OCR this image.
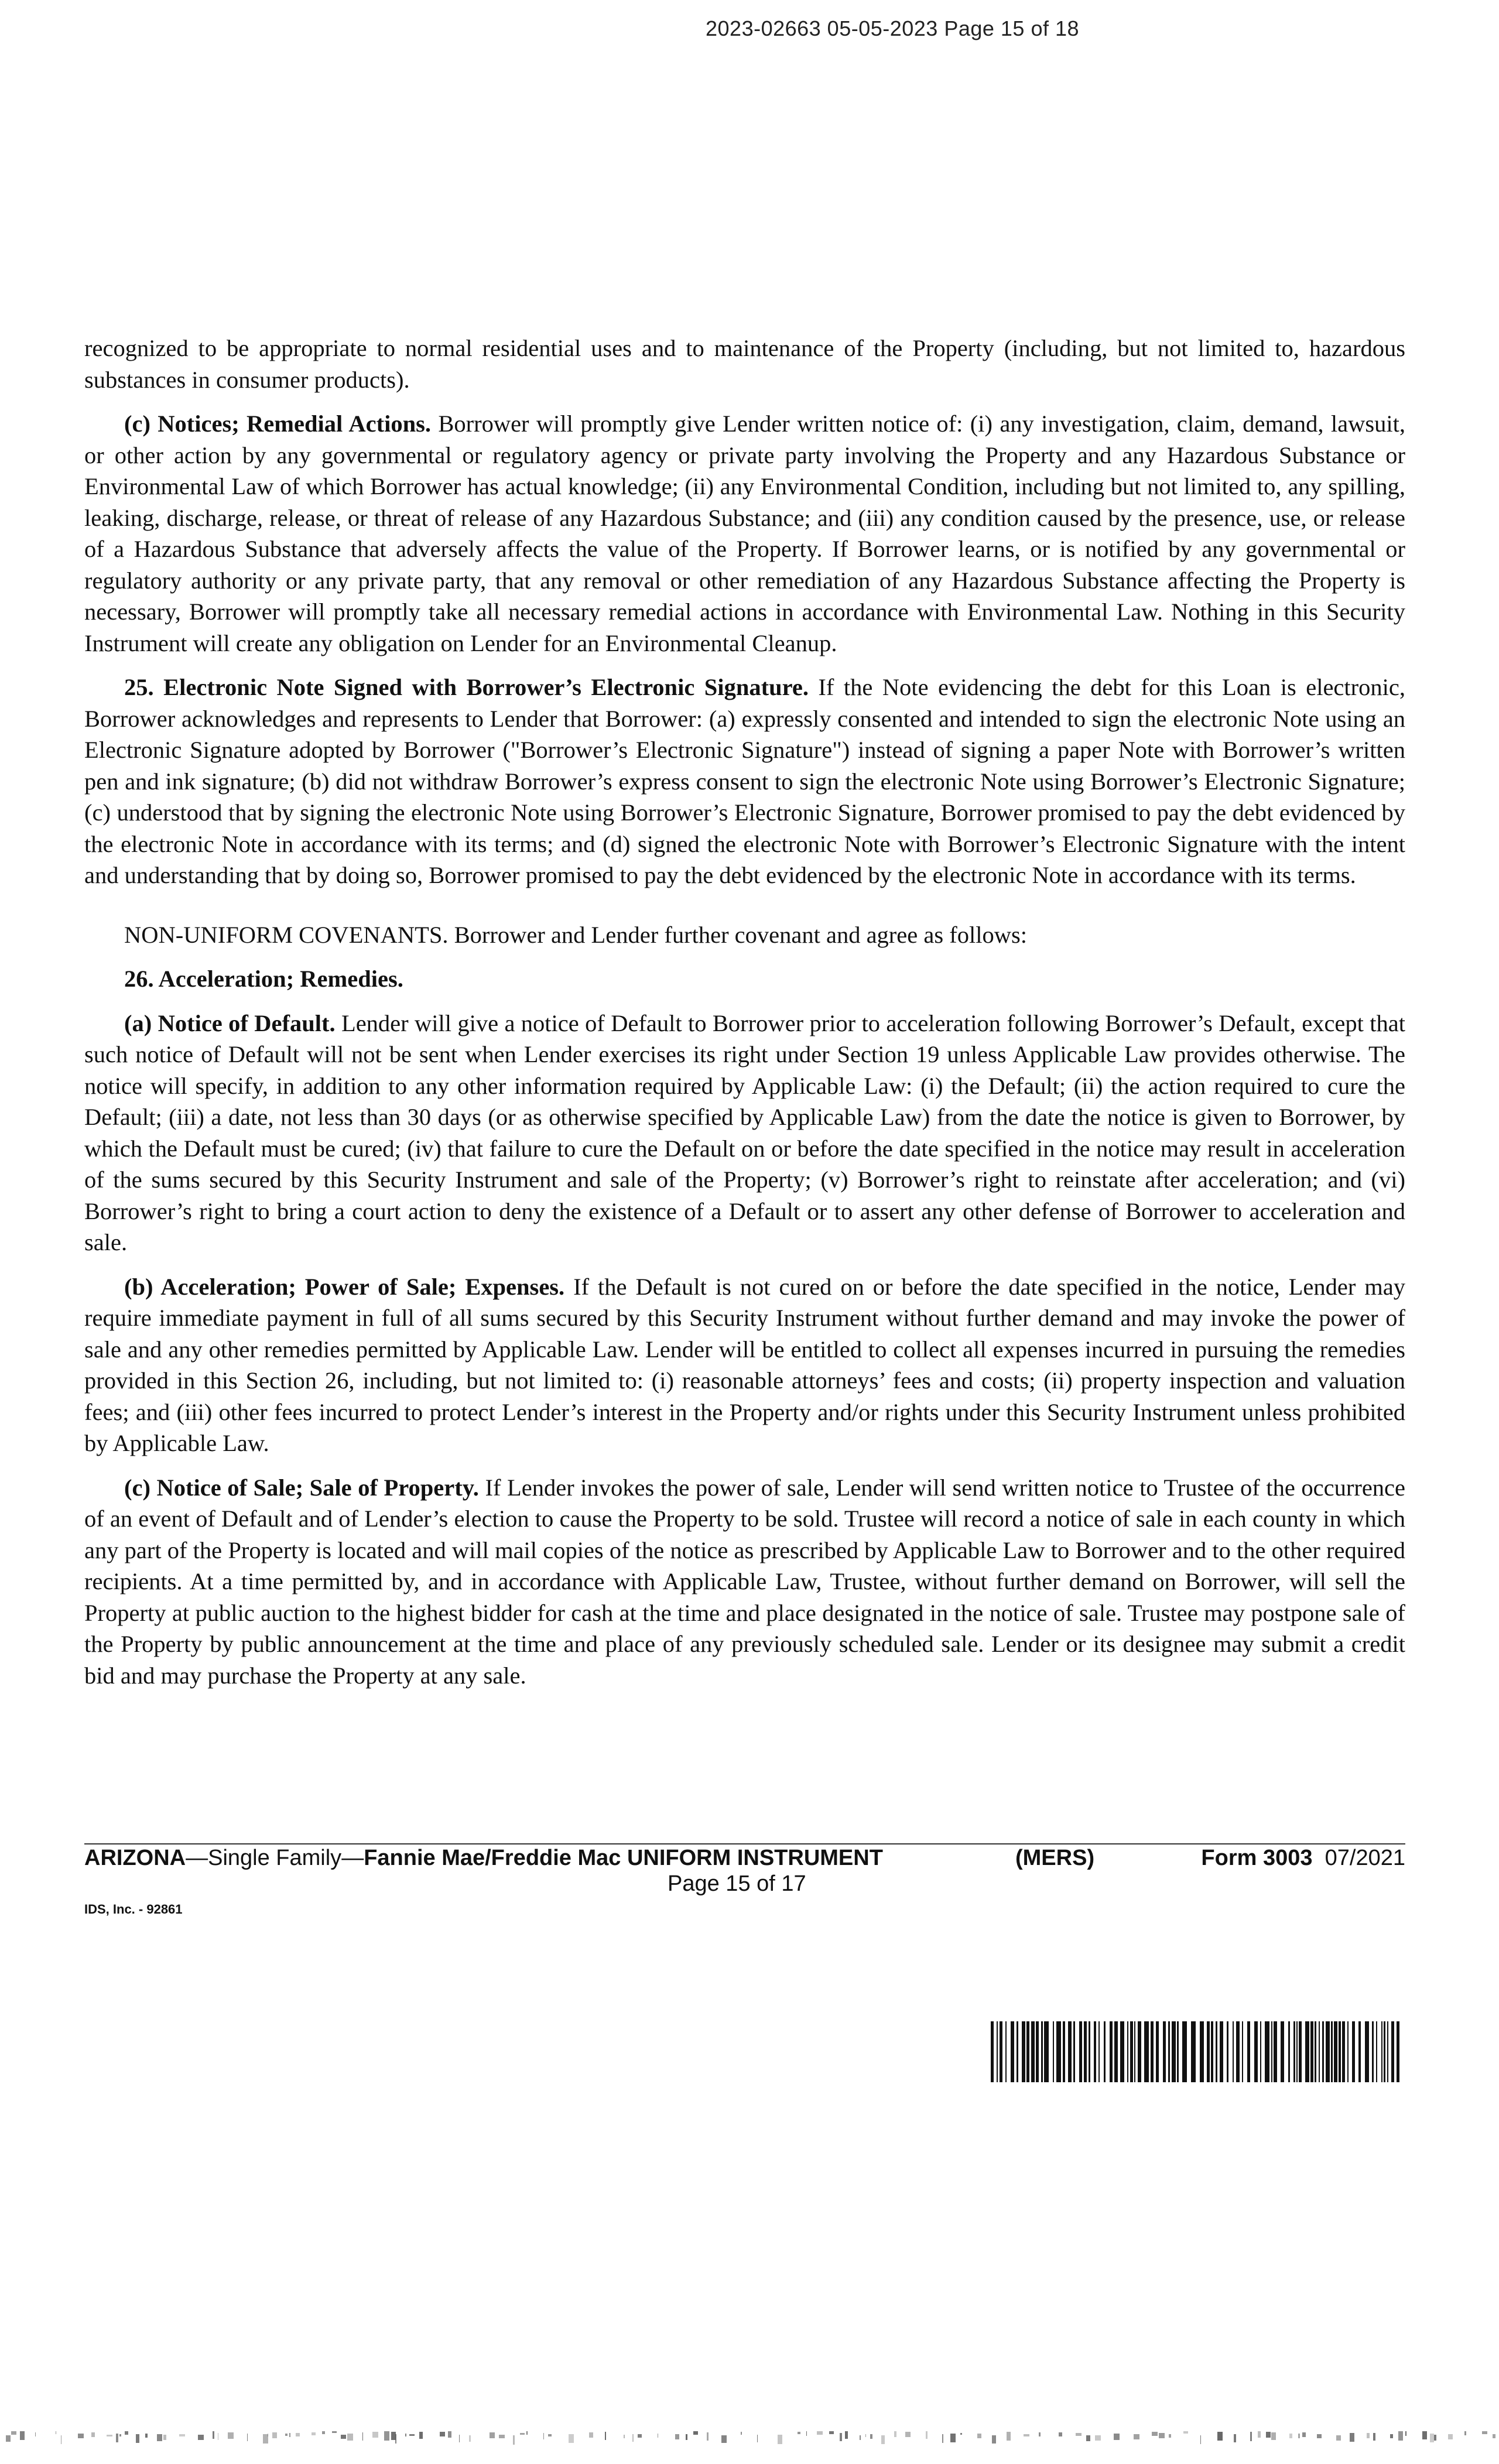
2023-02663 05-05-2023 Page 15 of 18

recognized to be appropriate to normal residential uses and to maintenance of the Property (including, but not limited to, hazardous substances in consumer products).

(c) Notices; Remedial Actions. Borrower will promptly give Lender written notice of: (i) any investigation, claim, demand, lawsuit, or other action by any governmental or regulatory agency or private party involving the Property and any Hazardous Substance or Environmental Law of which Borrower has actual knowledge; (ii) any Environmental Condition, including but not limited to, any spilling, leaking, discharge, release, or threat of release of any Hazardous Substance; and (iii) any condition caused by the presence, use, or release of a Hazardous Substance that adversely affects the value of the Property. If Borrower learns, or is notified by any governmental or regulatory authority or any private party, that any removal or other remediation of any Hazardous Substance affecting the Property is necessary, Borrower will promptly take all necessary remedial actions in accordance with Environmental Law. Nothing in this Security Instrument will create any obligation on Lender for an Environmental Cleanup.

25. Electronic Note Signed with Borrower’s Electronic Signature. If the Note evidencing the debt for this Loan is electronic, Borrower acknowledges and represents to Lender that Borrower: (a) expressly consented and intended to sign the electronic Note using an Electronic Signature adopted by Borrower ("Borrower’s Electronic Signature") instead of signing a paper Note with Borrower’s written pen and ink signature; (b) did not withdraw Borrower’s express consent to sign the electronic Note using Borrower’s Electronic Signature; (c) understood that by signing the electronic Note using Borrower’s Electronic Signature, Borrower promised to pay the debt evidenced by the electronic Note in accordance with its terms; and (d) signed the electronic Note with Borrower’s Electronic Signature with the intent and understanding that by doing so, Borrower promised to pay the debt evidenced by the electronic Note in accordance with its terms.

NON-UNIFORM COVENANTS. Borrower and Lender further covenant and agree as follows:

26. Acceleration; Remedies.

(a) Notice of Default. Lender will give a notice of Default to Borrower prior to acceleration following Borrower’s Default, except that such notice of Default will not be sent when Lender exercises its right under Section 19 unless Applicable Law provides otherwise. The notice will specify, in addition to any other information required by Applicable Law: (i) the Default; (ii) the action required to cure the Default; (iii) a date, not less than 30 days (or as otherwise specified by Applicable Law) from the date the notice is given to Borrower, by which the Default must be cured; (iv) that failure to cure the Default on or before the date specified in the notice may result in acceleration of the sums secured by this Security Instrument and sale of the Property; (v) Borrower’s right to reinstate after acceleration; and (vi) Borrower’s right to bring a court action to deny the existence of a Default or to assert any other defense of Borrower to acceleration and sale.

(b) Acceleration; Power of Sale; Expenses. If the Default is not cured on or before the date specified in the notice, Lender may require immediate payment in full of all sums secured by this Security Instrument without further demand and may invoke the power of sale and any other remedies permitted by Applicable Law. Lender will be entitled to collect all expenses incurred in pursuing the remedies provided in this Section 26, including, but not limited to: (i) reasonable attorneys’ fees and costs; (ii) property inspection and valuation fees; and (iii) other fees incurred to protect Lender’s interest in the Property and/or rights under this Security Instrument unless prohibited by Applicable Law.

(c) Notice of Sale; Sale of Property. If Lender invokes the power of sale, Lender will send written notice to Trustee of the occurrence of an event of Default and of Lender’s election to cause the Property to be sold. Trustee will record a notice of sale in each county in which any part of the Property is located and will mail copies of the notice as prescribed by Applicable Law to Borrower and to the other required recipients. At a time permitted by, and in accordance with Applicable Law, Trustee, without further demand on Borrower, will sell the Property at public auction to the highest bidder for cash at the time and place designated in the notice of sale. Trustee may postpone sale of the Property by public announcement at the time and place of any previously scheduled sale. Lender or its designee may submit a credit bid and may purchase the Property at any sale.

ARIZONA—Single Family—Fannie Mae/Freddie Mac UNIFORM INSTRUMENT	(MERS)	Form 3003 07/2021
Page 15 of 17
IDS, Inc. - 92861
